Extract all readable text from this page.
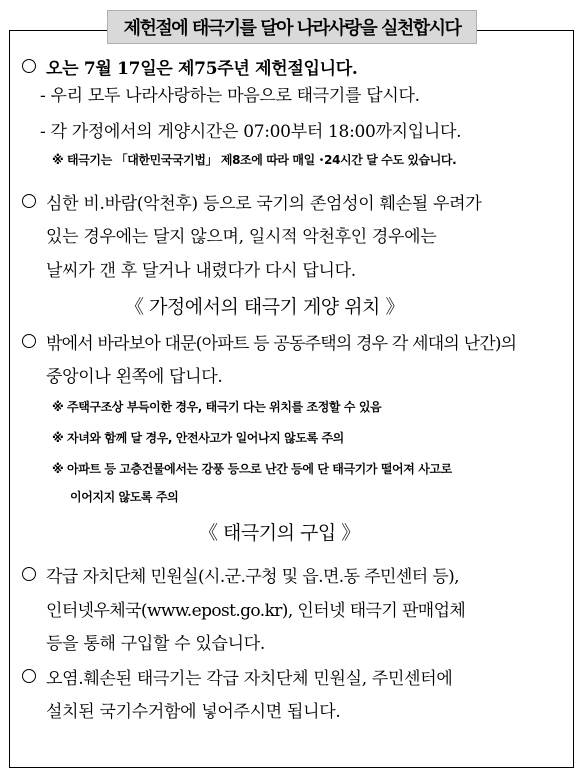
제헌절에 태극기를 달아 나라사랑을 실천합시다
오는 7월 17일은 제75주년 제헌절입니다.
- 우리 모두 나라사랑하는 마음으로 태극기를 답시다.
- 각 가정에서의 게양시간은 07:00부터 18:00까지입니다.
※ 태극기는 「대한민국국기법」 제8조에 따라 매일 ･24시간 달 수도 있습니다.
심한 비.바람(악천후) 등으로 국기의 존엄성이 훼손될 우려가
있는 경우에는 달지 않으며, 일시적 악천후인 경우에는
날씨가 갠 후 달거나 내렸다가 다시 답니다.
《 가정에서의 태극기 게양 위치 》
밖에서 바라보아 대문(아파트 등 공동주택의 경우 각 세대의 난간)의
중앙이나 왼쪽에 답니다.
※ 주택구조상 부득이한 경우, 태극기 다는 위치를 조정할 수 있음
※ 자녀와 함께 달 경우, 안전사고가 일어나지 않도록 주의
※ 아파트 등 고층건물에서는 강풍 등으로 난간 등에 단 태극기가 떨어져 사고로
이어지지 않도록 주의
《 태극기의 구입 》
각급 자치단체 민원실(시.군.구청 및 읍.면.동 주민센터 등),
인터넷우체국(www.epost.go.kr), 인터넷 태극기 판매업체
등을 통해 구입할 수 있습니다.
오염.훼손된 태극기는 각급 자치단체 민원실, 주민센터에
설치된 국기수거함에 넣어주시면 됩니다.
